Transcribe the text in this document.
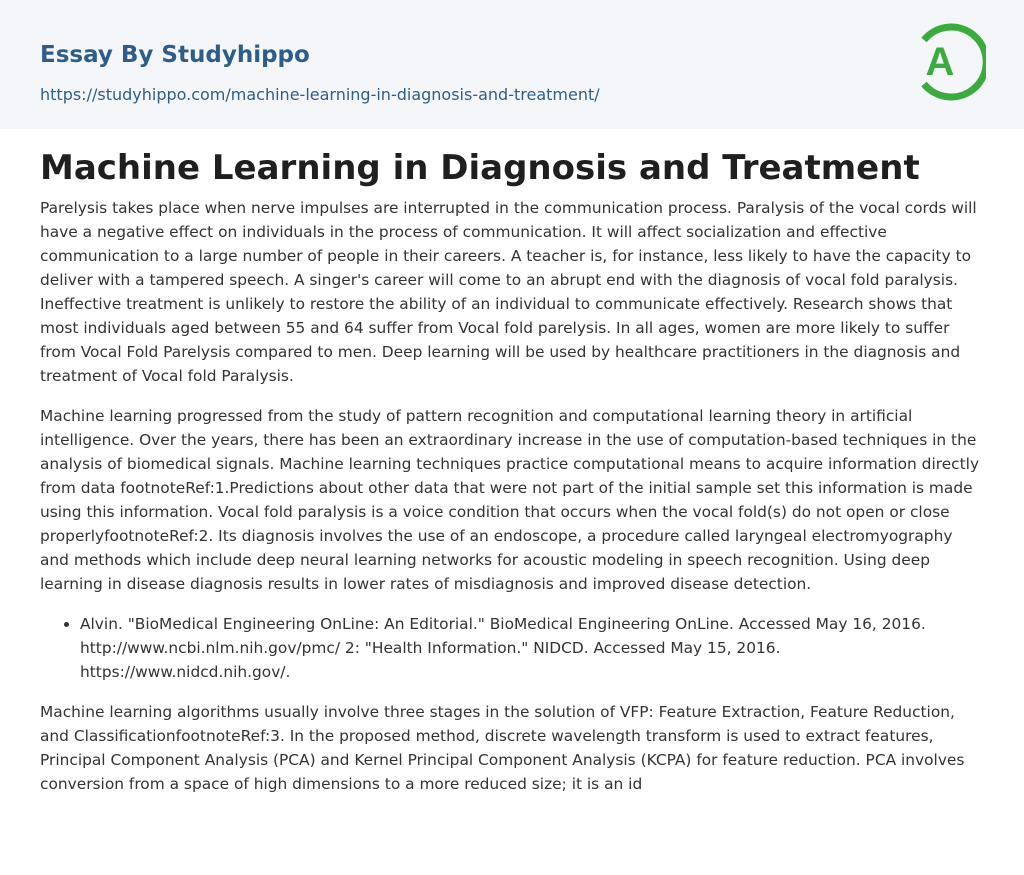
Essay By Studyhippo
https://studyhippo.com/machine-learning-in-diagnosis-and-treatment/
A
Machine Learning in Diagnosis and Treatment

Parelysis takes place when nerve impulses are interrupted in the communication process. Paralysis of the vocal cords will have a negative effect on individuals in the process of communication. It will affect socialization and effective communication to a large number of people in their careers. A teacher is, for instance, less likely to have the capacity to deliver with a tampered speech. A singer's career will come to an abrupt end with the diagnosis of vocal fold paralysis. Ineffective treatment is unlikely to restore the ability of an individual to communicate effectively. Research shows that most individuals aged between 55 and 64 suffer from Vocal fold parelysis. In all ages, women are more likely to suffer from Vocal Fold Parelysis compared to men. Deep learning will be used by healthcare practitioners in the diagnosis and treatment of Vocal fold Paralysis.

Machine learning progressed from the study of pattern recognition and computational learning theory in artificial intelligence. Over the years, there has been an extraordinary increase in the use of computation-based techniques in the analysis of biomedical signals. Machine learning techniques practice computational means to acquire information directly from data footnoteRef:1.Predictions about other data that were not part of the initial sample set this information is made using this information. Vocal fold paralysis is a voice condition that occurs when the vocal fold(s) do not open or close properlyfootnoteRef:2. Its diagnosis involves the use of an endoscope, a procedure called laryngeal electromyography and methods which include deep neural learning networks for acoustic modeling in speech recognition. Using deep learning in disease diagnosis results in lower rates of misdiagnosis and improved disease detection.

• Alvin. "BioMedical Engineering OnLine: An Editorial." BioMedical Engineering OnLine. Accessed May 16, 2016. http://www.ncbi.nlm.nih.gov/pmc/ 2: "Health Information." NIDCD. Accessed May 15, 2016. https://www.nidcd.nih.gov/.

Machine learning algorithms usually involve three stages in the solution of VFP: Feature Extraction, Feature Reduction, and ClassificationfootnoteRef:3. In the proposed method, discrete wavelength transform is used to extract features, Principal Component Analysis (PCA) and Kernel Principal Component Analysis (KCPA) for feature reduction. PCA involves conversion from a space of high dimensions to a more reduced size; it is an id
